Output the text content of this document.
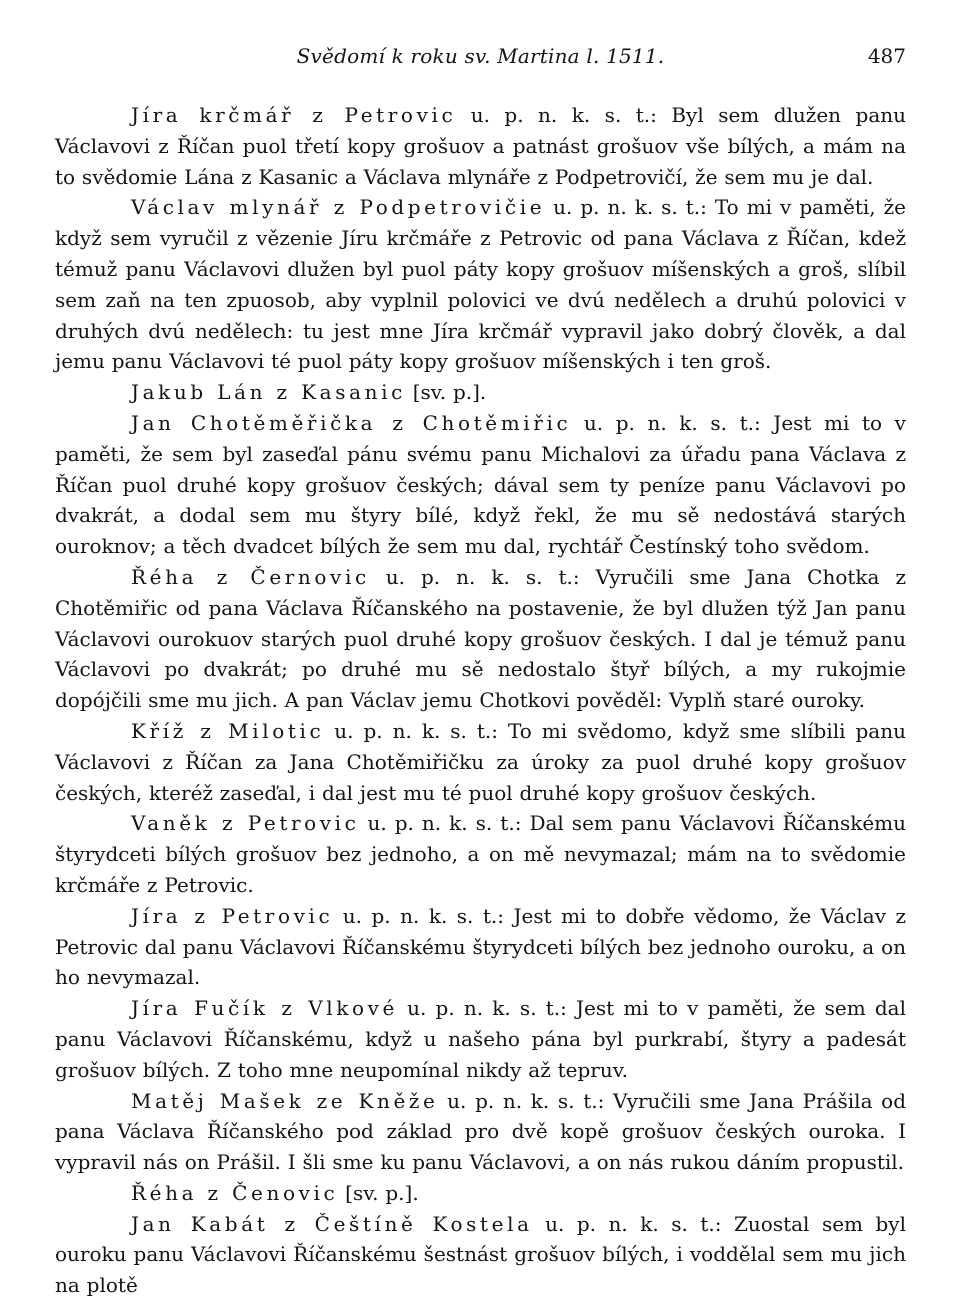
Svědomí k roku sv. Martina l. 1511.	487

Jíra krčmář z Petrovic u. p. n. k. s. t.: Byl sem dlužen panu Václavovi z Říčan puol třetí kopy grošuov a patnást grošuov vše bílých, a mám na to svědomie Lána z Kasanic a Václava mlynáře z Podpetrovičí, že sem mu je dal.

Václav mlynář z Podpetrovičie u. p. n. k. s. t.: To mi v paměti, že když sem vyručil z vězenie Jíru krčmáře z Petrovic od pana Václava z Říčan, kdež témuž panu Václavovi dlužen byl puol páty kopy grošuov míšenských a groš, slíbil sem zaň na ten zpuosob, aby vyplnil polovici ve dvú nedělech a druhú polovici v druhých dvú nedělech: tu jest mne Jíra krčmář vypravil jako dobrý člověk, a dal jemu panu Václavovi té puol páty kopy grošuov míšenských i ten groš.

Jakub Lán z Kasanic [sv. p.].

Jan Chotěměřička z Chotěmiřic u. p. n. k. s. t.: Jest mi to v paměti, že sem byl zaseďal pánu svému panu Michalovi za úřadu pana Václava z Říčan puol druhé kopy grošuov českých; dával sem ty peníze panu Václavovi po dvakrát, a dodal sem mu štyry bílé, když řekl, že mu sě nedostává starých ouroknov; a těch dvadcet bílých že sem mu dal, rychtář Čestínský toho svědom.

Řéha z Černovic u. p. n. k. s. t.: Vyručili sme Jana Chotka z Chotěmiřic od pana Václava Říčanského na postavenie, že byl dlužen týž Jan panu Václavovi ourokuov starých puol druhé kopy grošuov českých. I dal je témuž panu Václavovi po dvakrát; po druhé mu sě nedostalo štyř bílých, a my rukojmie dopójčili sme mu jich. A pan Václav jemu Chotkovi pověděl: Vyplň staré ouroky.

Kříž z Milotic u. p. n. k. s. t.: To mi svědomo, když sme slíbili panu Václavovi z Říčan za Jana Chotěmiřičku za úroky za puol druhé kopy grošuov českých, kteréž zaseďal, i dal jest mu té puol druhé kopy grošuov českých.

Vaněk z Petrovic u. p. n. k. s. t.: Dal sem panu Václavovi Říčanskému štyrydceti bílých grošuov bez jednoho, a on mě nevymazal; mám na to svědomie krčmáře z Petrovic.

Jíra z Petrovic u. p. n. k. s. t.: Jest mi to dobře vědomo, že Václav z Petrovic dal panu Václavovi Říčanskému štyrydceti bílých bez jednoho ouroku, a on ho nevymazal.

Jíra Fučík z Vlkové u. p. n. k. s. t.: Jest mi to v paměti, že sem dal panu Václavovi Říčanskému, když u našeho pána byl purkrabí, štyry a padesát grošuov bílých. Z toho mne neupomínal nikdy až tepruv.

Matěj Mašek ze Kněže u. p. n. k. s. t.: Vyručili sme Jana Prášila od pana Václava Říčanského pod základ pro dvě kopě grošuov českých ouroka. I vypravil nás on Prášil. I šli sme ku panu Václavovi, a on nás rukou dáním propustil.

Řéha z Čenovic [sv. p.].

Jan Kabát z Češtíně Kostela u. p. n. k. s. t.: Zuostal sem byl ouroku panu Václavovi Říčanskému šestnást grošuov bílých, i voddělal sem mu jich na plotě
